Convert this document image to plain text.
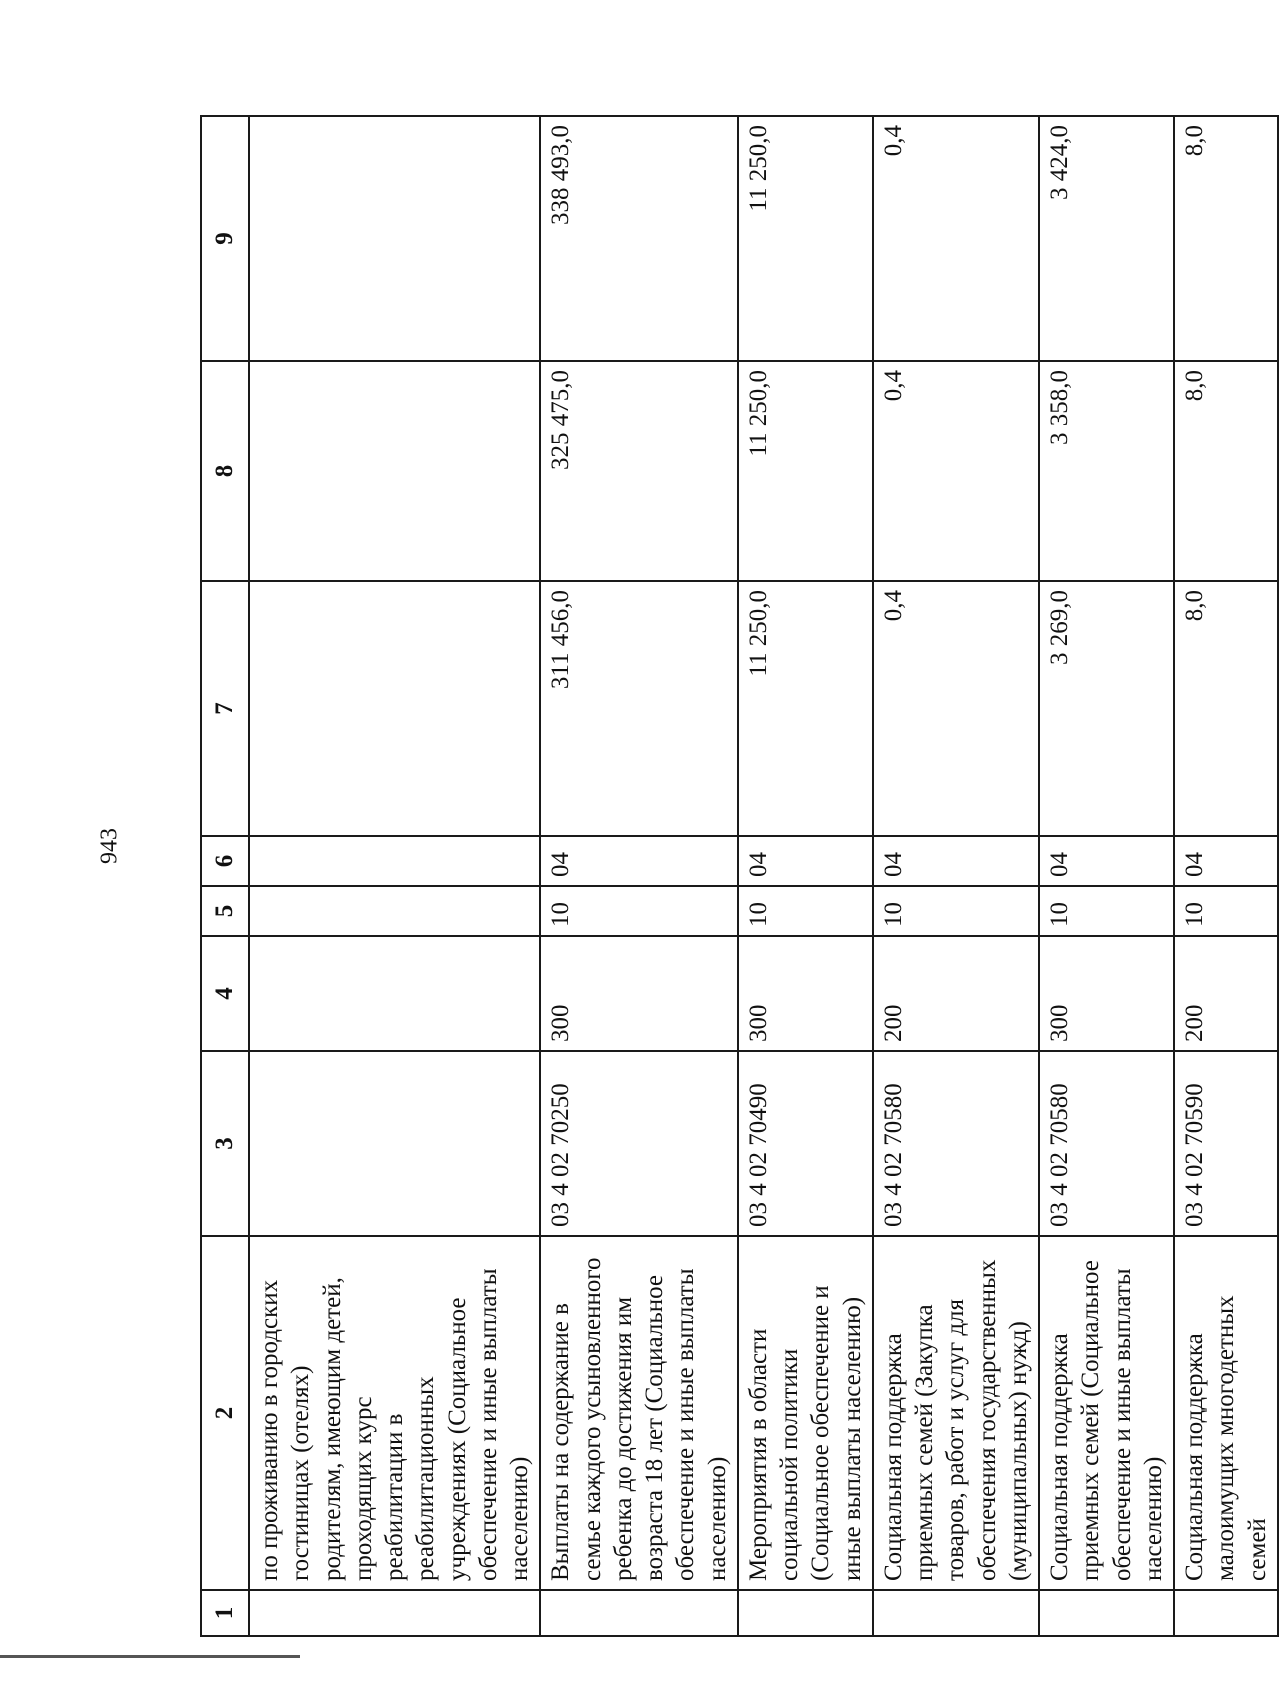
943
1	2	3	4	5	6	7	8	9
	по проживанию в городских гостиницах (отелях) родителям, имеющим детей, проходящих курс реабилитации в реабилитационных учреждениях (Социальное обеспечение и иные выплаты населению)							
	Выплаты на содержание в семье каждого усыновленного ребенка до достижения им возраста 18 лет (Социальное обеспечение и иные выплаты населению)	03 4 02 70250	300	10	04	311 456,0	325 475,0	338 493,0
	Мероприятия в области социальной политики (Социальное обеспечение и иные выплаты населению)	03 4 02 70490	300	10	04	11 250,0	11 250,0	11 250,0
	Социальная поддержка приемных семей (Закупка товаров, работ и услуг для обеспечения государственных (муниципальных) нужд)	03 4 02 70580	200	10	04	0,4	0,4	0,4
	Социальная поддержка приемных семей (Социальное обеспечение и иные выплаты населению)	03 4 02 70580	300	10	04	3 269,0	3 358,0	3 424,0
	Социальная поддержка малоимущих многодетных семей	03 4 02 70590	200	10	04	8,0	8,0	8,0
